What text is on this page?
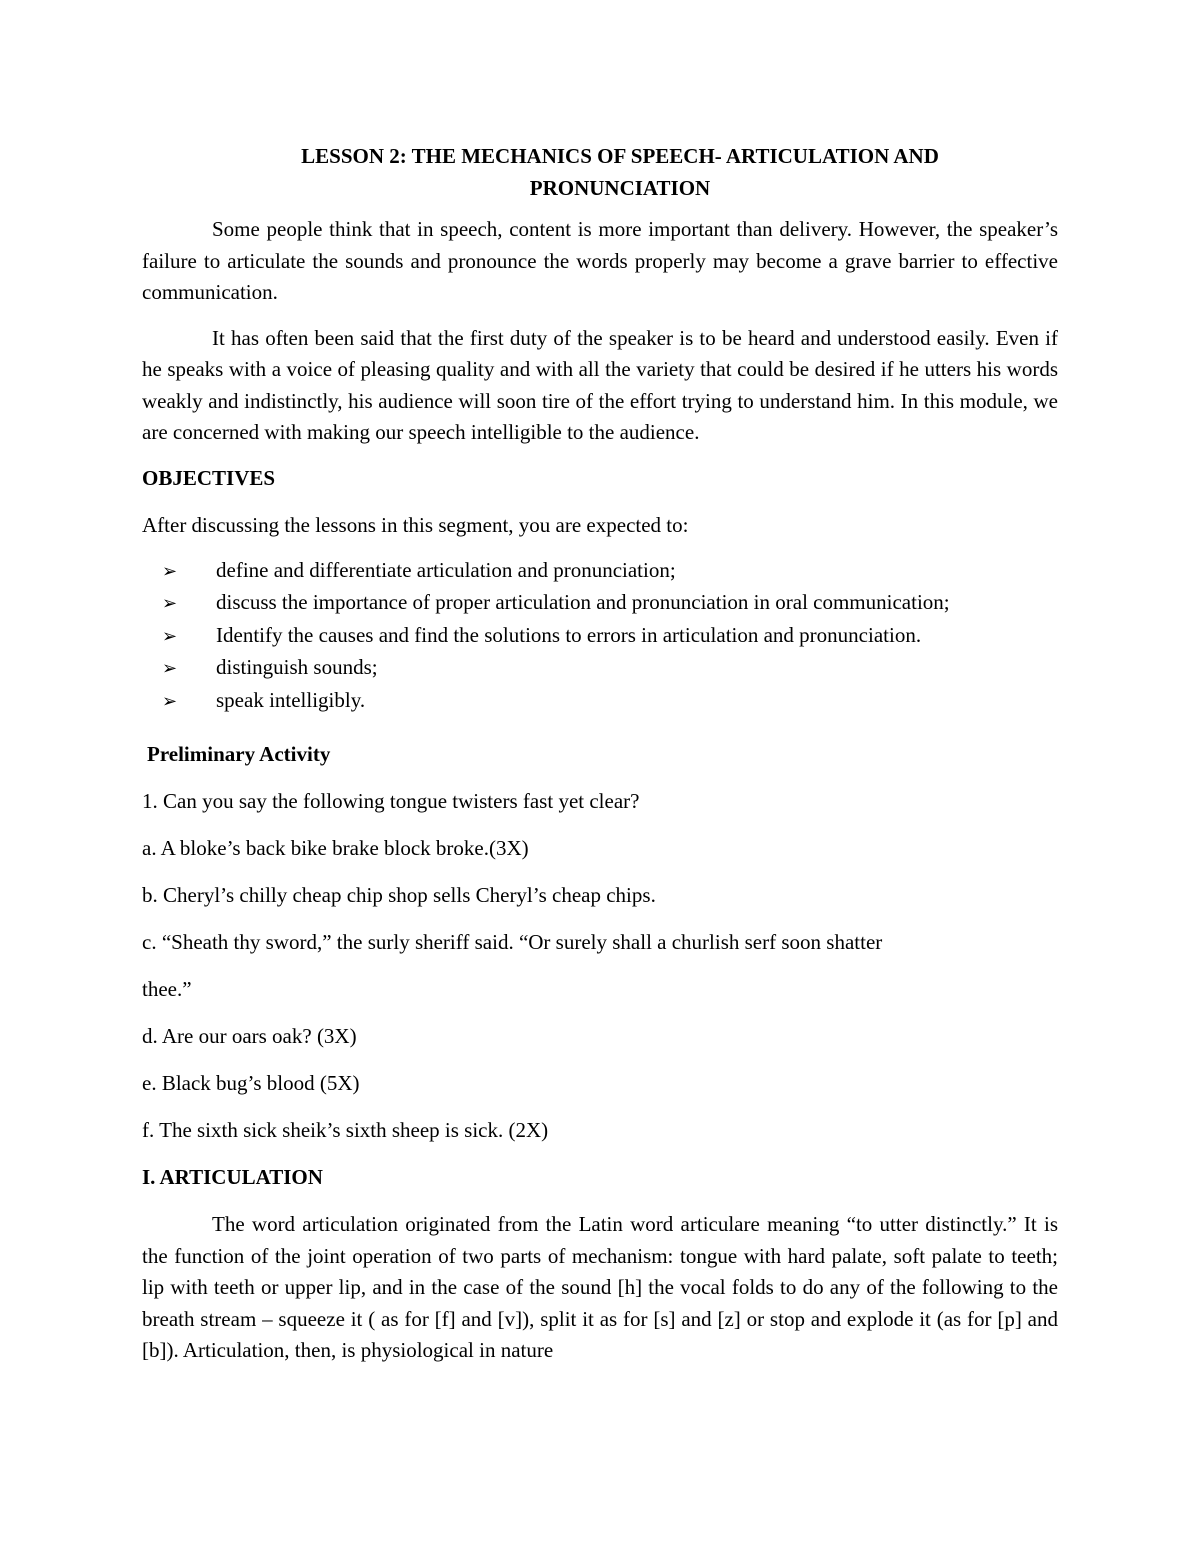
LESSON 2: THE MECHANICS OF SPEECH- ARTICULATION AND
PRONUNCIATION

Some people think that in speech, content is more important than delivery. However, the speaker’s failure to articulate the sounds and pronounce the words properly may become a grave barrier to effective communication.

It has often been said that the first duty of the speaker is to be heard and understood easily. Even if he speaks with a voice of pleasing quality and with all the variety that could be desired if he utters his words weakly and indistinctly, his audience will soon tire of the effort trying to understand him. In this module, we are concerned with making our speech intelligible to the audience.

OBJECTIVES

After discussing the lessons in this segment, you are expected to:

➢	define and differentiate articulation and pronunciation;
➢	discuss the importance of proper articulation and pronunciation in oral communication;
➢	Identify the causes and find the solutions to errors in articulation and pronunciation.
➢	distinguish sounds;
➢	speak intelligibly.

Preliminary Activity

1. Can you say the following tongue twisters fast yet clear?

a. A bloke’s back bike brake block broke.(3X)

b. Cheryl’s chilly cheap chip shop sells Cheryl’s cheap chips.

c. “Sheath thy sword,” the surly sheriff said. “Or surely shall a churlish serf soon shatter

thee.”

d. Are our oars oak? (3X)

e. Black bug’s blood (5X)

f. The sixth sick sheik’s sixth sheep is sick. (2X)

I. ARTICULATION

The word articulation originated from the Latin word articulare meaning “to utter distinctly.” It is the function of the joint operation of two parts of mechanism: tongue with hard palate, soft palate to teeth; lip with teeth or upper lip, and in the case of the sound [h] the vocal folds to do any of the following to the breath stream – squeeze it ( as for [f] and [v]), split it as for [s] and [z] or stop and explode it (as for [p] and [b]). Articulation, then, is physiological in nature
